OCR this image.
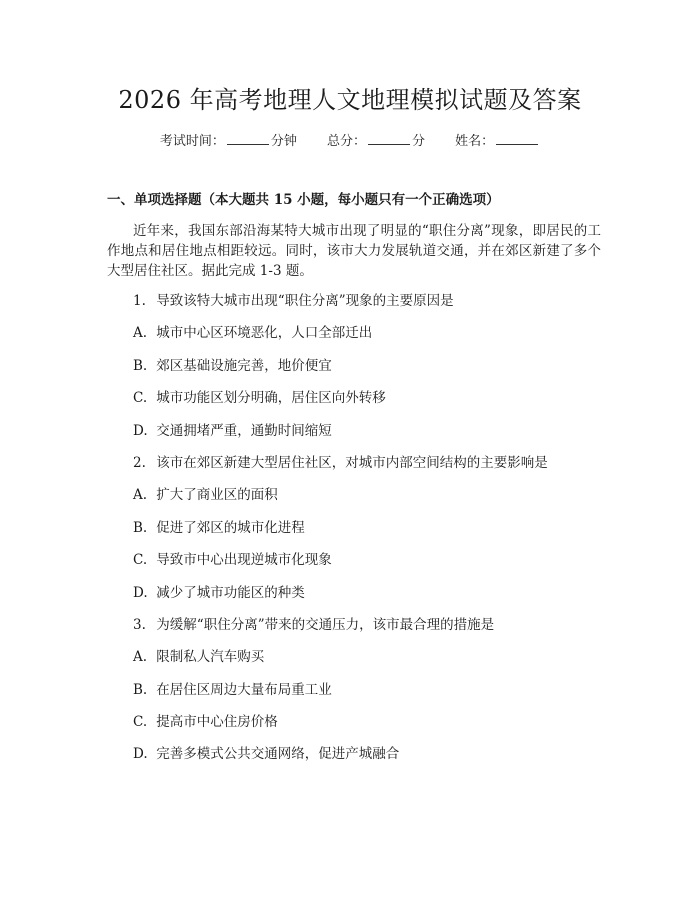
2026 年高考地理人文地理模拟试题及答案
考试时间：	分钟 总分：	分 姓名：
一、单项选择题（本大题共 15 小题，每小题只有一个正确选项）
近年来，我国东部沿海某特大城市出现了明显的“职住分离”现象，即居民的工作地点和居住地点相距较远。同时，该市大力发展轨道交通，并在郊区新建了多个大型居住社区。据此完成 1-3 题。
1. 导致该特大城市出现“职住分离”现象的主要原因是
A. 城市中心区环境恶化，人口全部迁出
B. 郊区基础设施完善，地价便宜
C. 城市功能区划分明确，居住区向外转移
D. 交通拥堵严重，通勤时间缩短
2. 该市在郊区新建大型居住社区，对城市内部空间结构的主要影响是
A. 扩大了商业区的面积
B. 促进了郊区的城市化进程
C. 导致市中心出现逆城市化现象
D. 减少了城市功能区的种类
3. 为缓解“职住分离”带来的交通压力，该市最合理的措施是
A. 限制私人汽车购买
B. 在居住区周边大量布局重工业
C. 提高市中心住房价格
D. 完善多模式公共交通网络，促进产城融合
